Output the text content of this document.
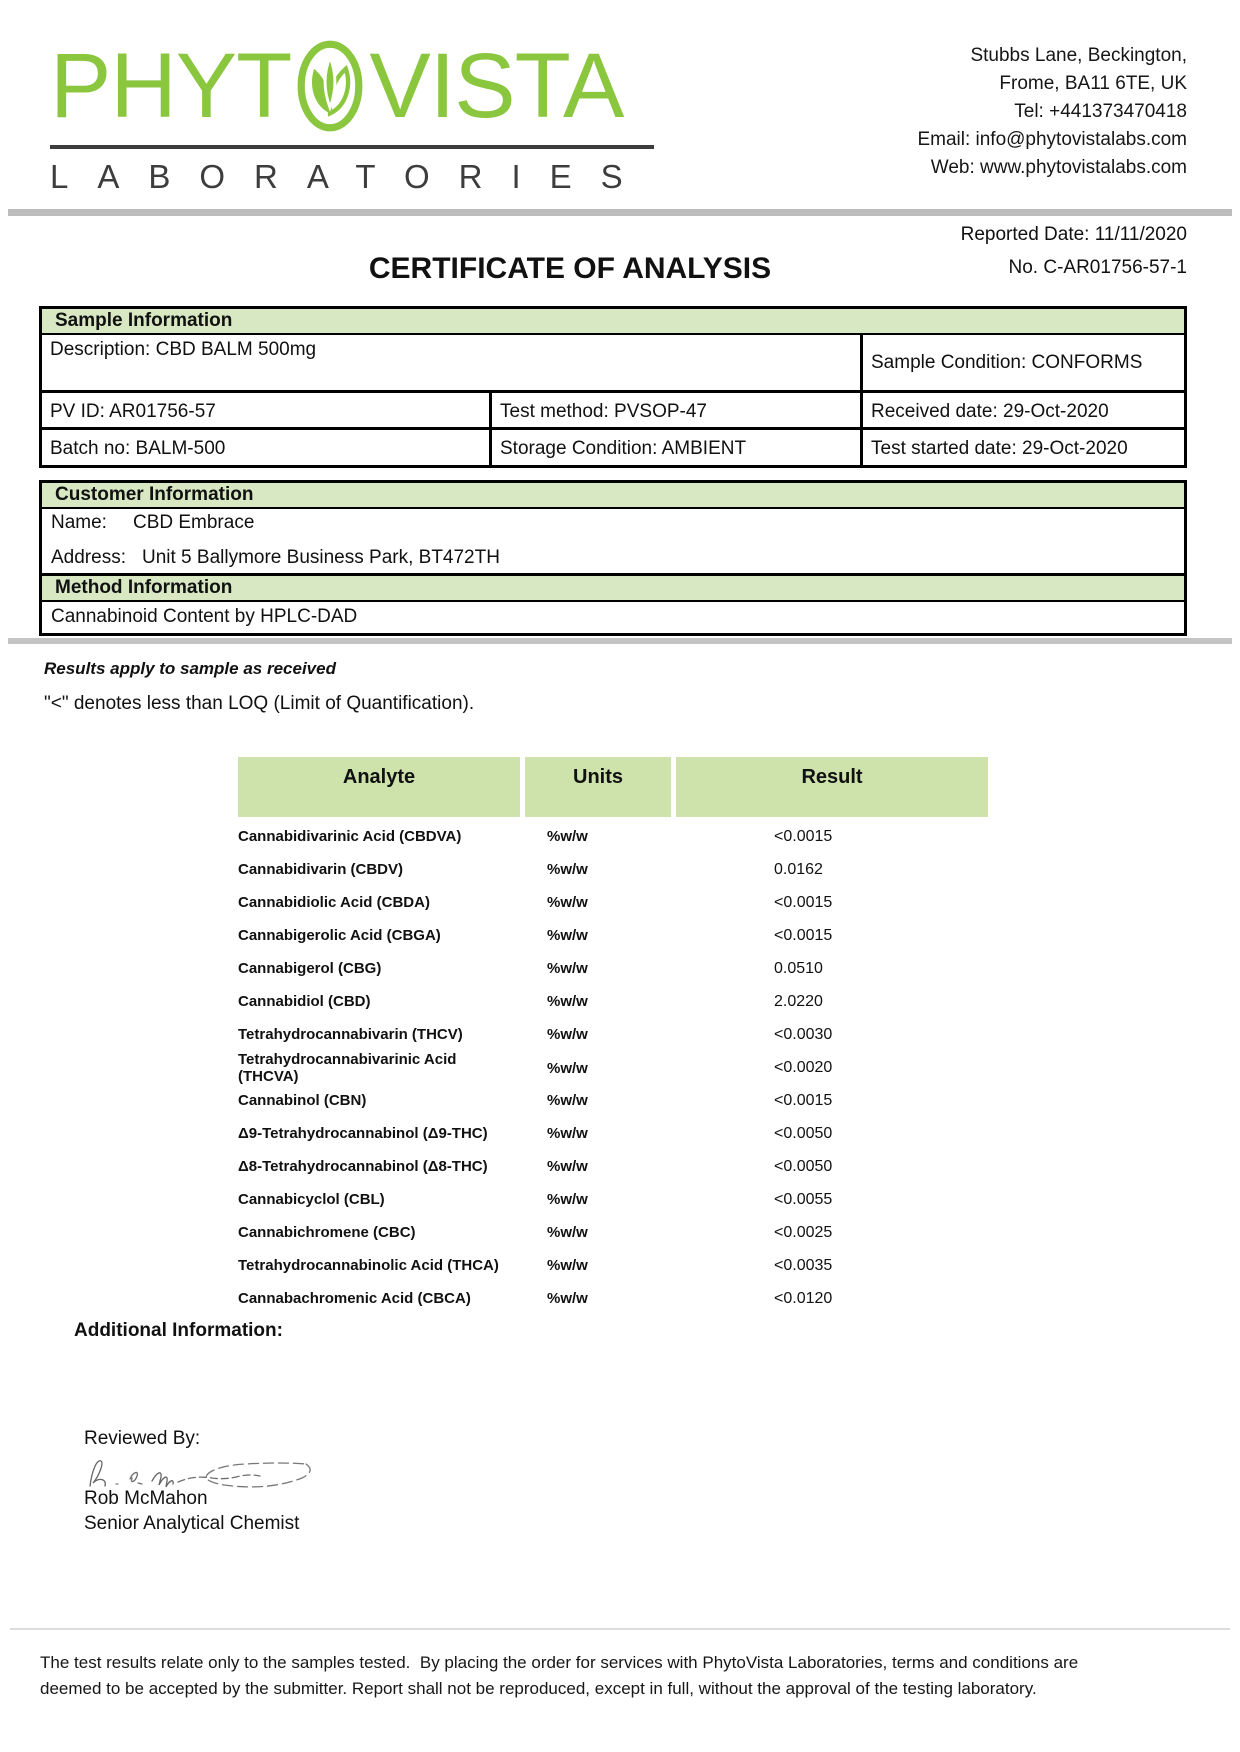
PHYT VISTA
LABORATORIES
Stubbs Lane, Beckington,
Frome, BA11 6TE, UK
Tel: +441373470418
Email: info@phytovistalabs.com
Web: www.phytovistalabs.com
Reported Date: 11/11/2020
CERTIFICATE OF ANALYSIS	No. C-AR01756-57-1
Sample Information
Description: CBD BALM 500mg
Sample Condition: CONFORMS
PV ID: AR01756-57	Test method: PVSOP-47	Received date: 29-Oct-2020
Batch no: BALM-500	Storage Condition: AMBIENT	Test started date: 29-Oct-2020
Customer Information
Name: CBD Embrace
Address: Unit 5 Ballymore Business Park, BT472TH
Method Information
Cannabinoid Content by HPLC-DAD
Results apply to sample as received
"<" denotes less than LOQ (Limit of Quantification).
Analyte	Units	Result
Cannabidivarinic Acid (CBDVA)	%w/w	<0.0015
Cannabidivarin (CBDV)	%w/w	0.0162
Cannabidiolic Acid (CBDA)	%w/w	<0.0015
Cannabigerolic Acid (CBGA)	%w/w	<0.0015
Cannabigerol (CBG)	%w/w	0.0510
Cannabidiol (CBD)	%w/w	2.0220
Tetrahydrocannabivarin (THCV)	%w/w	<0.0030
Tetrahydrocannabivarinic Acid (THCVA)	%w/w	<0.0020
Cannabinol (CBN)	%w/w	<0.0015
Δ9-Tetrahydrocannabinol (Δ9-THC)	%w/w	<0.0050
Δ8-Tetrahydrocannabinol (Δ8-THC)	%w/w	<0.0050
Cannabicyclol (CBL)	%w/w	<0.0055
Cannabichromene (CBC)	%w/w	<0.0025
Tetrahydrocannabinolic Acid (THCA)	%w/w	<0.0035
Cannabachromenic Acid (CBCA)	%w/w	<0.0120
Additional Information:
Reviewed By:
Rob McMahon
Senior Analytical Chemist
The test results relate only to the samples tested.  By placing the order for services with PhytoVista Laboratories, terms and conditions are
deemed to be accepted by the submitter. Report shall not be reproduced, except in full, without the approval of the testing laboratory.
